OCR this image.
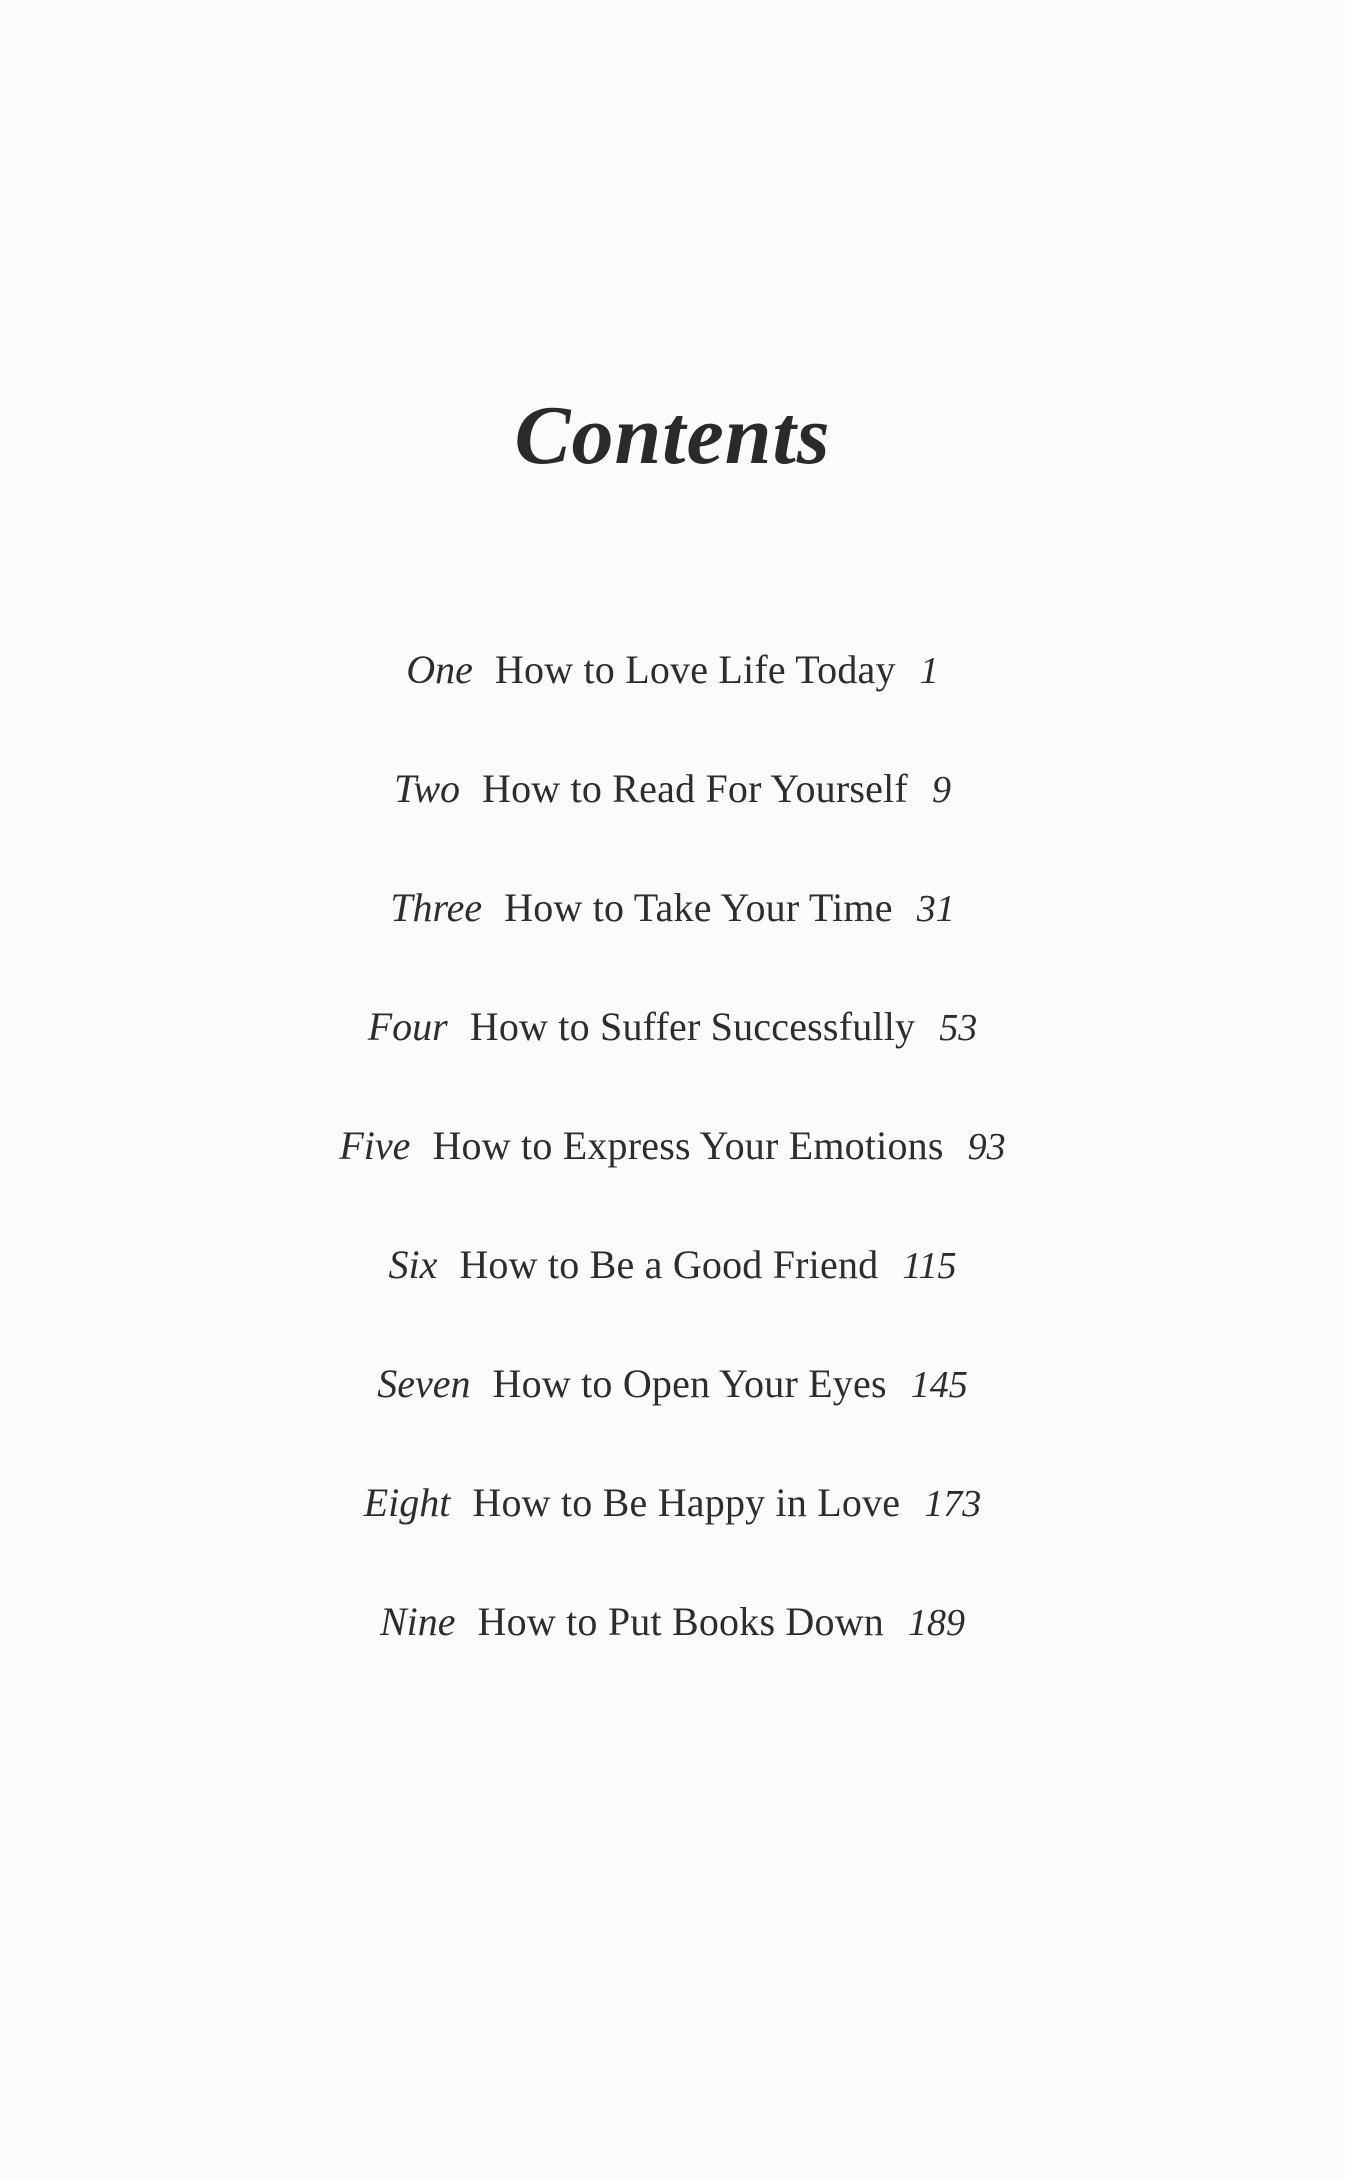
Contents
One How to Love Life Today 1
Two How to Read For Yourself 9
Three How to Take Your Time 31
Four How to Suffer Successfully 53
Five How to Express Your Emotions 93
Six How to Be a Good Friend 115
Seven How to Open Your Eyes 145
Eight How to Be Happy in Love 173
Nine How to Put Books Down 189
